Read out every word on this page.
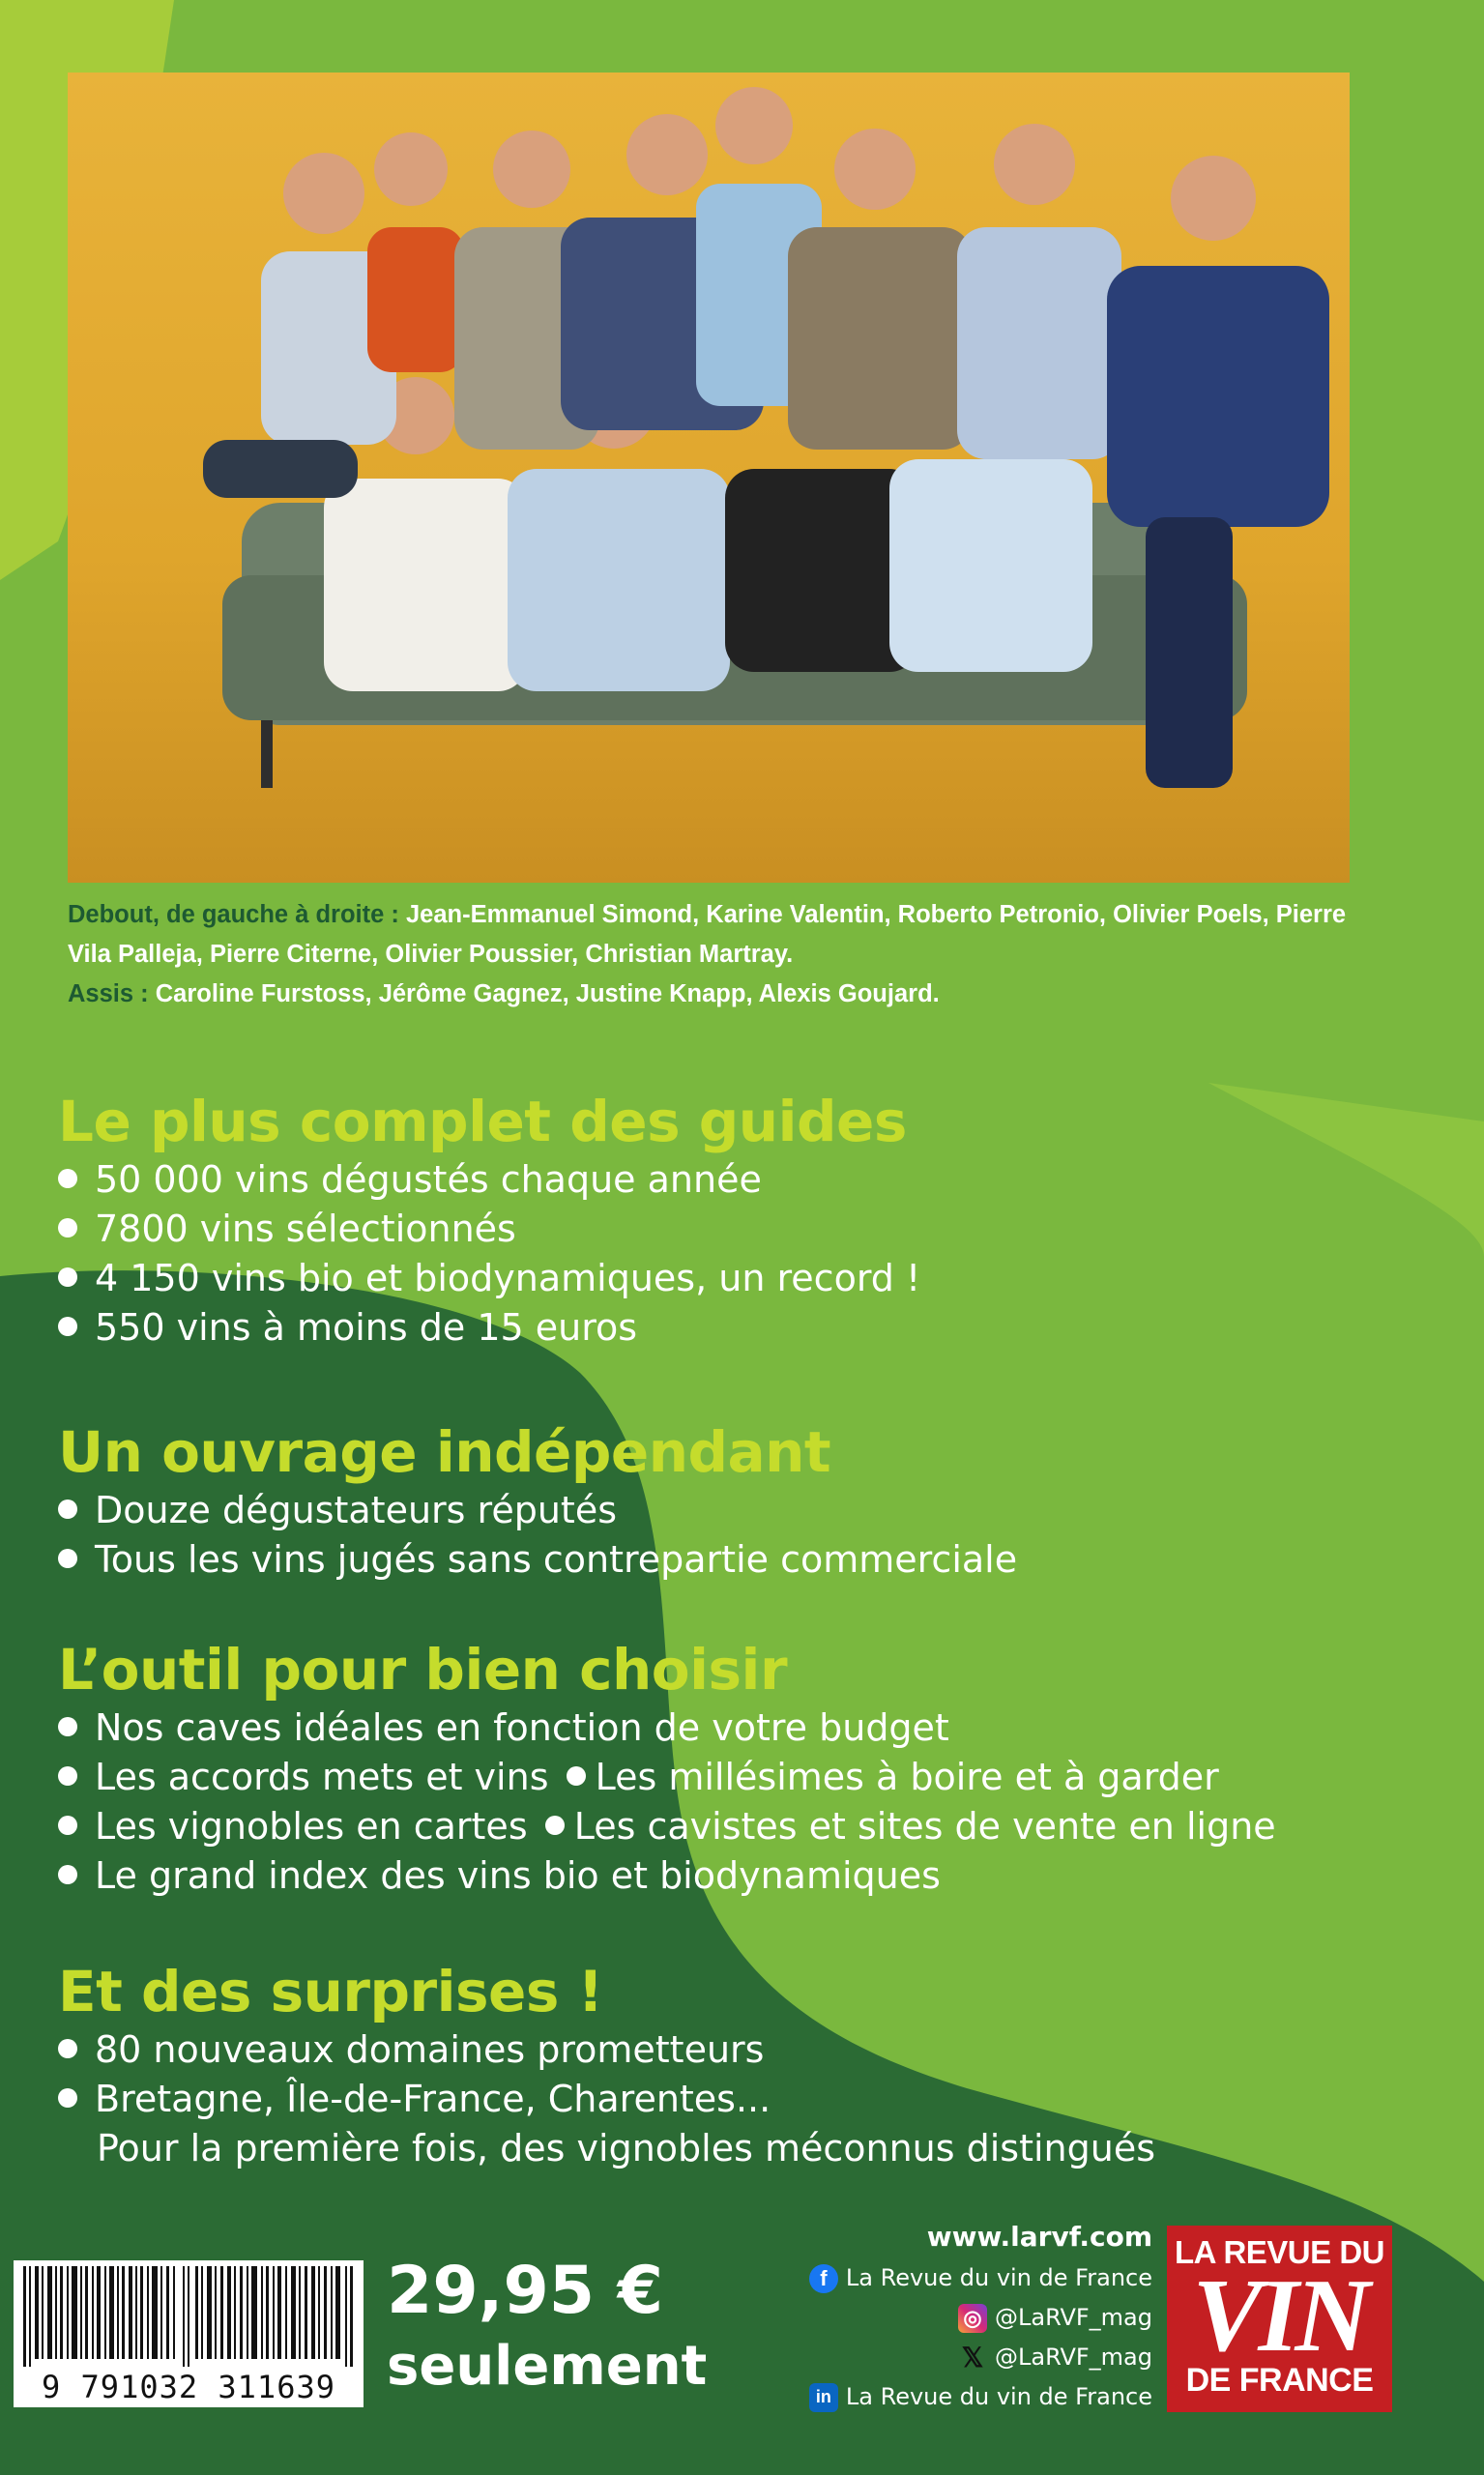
Debout, de gauche à droite : Jean-Emmanuel Simond, Karine Valentin, Roberto Petronio, Olivier Poels, Pierre Vila Palleja, Pierre Citerne, Olivier Poussier, Christian Martray.
Assis : Caroline Furstoss, Jérôme Gagnez, Justine Knapp, Alexis Goujard.
Le plus complet des guides
50 000 vins dégustés chaque année
7800 vins sélectionnés
4 150 vins bio et biodynamiques, un record !
550 vins à moins de 15 euros
Un ouvrage indépendant
Douze dégustateurs réputés
Tous les vins jugés sans contrepartie commerciale
L’outil pour bien choisir
Nos caves idéales en fonction de votre budget
Les accords mets et vins Les millésimes à boire et à garder
Les vignobles en cartes Les cavistes et sites de vente en ligne
Le grand index des vins bio et biodynamiques
Et des surprises !
80 nouveaux domaines prometteurs
Bretagne, Île-de-France, Charentes...
Pour la première fois, des vignobles méconnus distingués
9 791032 311639
29,95 €
seulement
www.larvf.com
f La Revue du vin de France
◎ @LaRVF_mag
𝕏 @LaRVF_mag
in La Revue du vin de France
LA REVUE DU
VIN
DE FRANCE
